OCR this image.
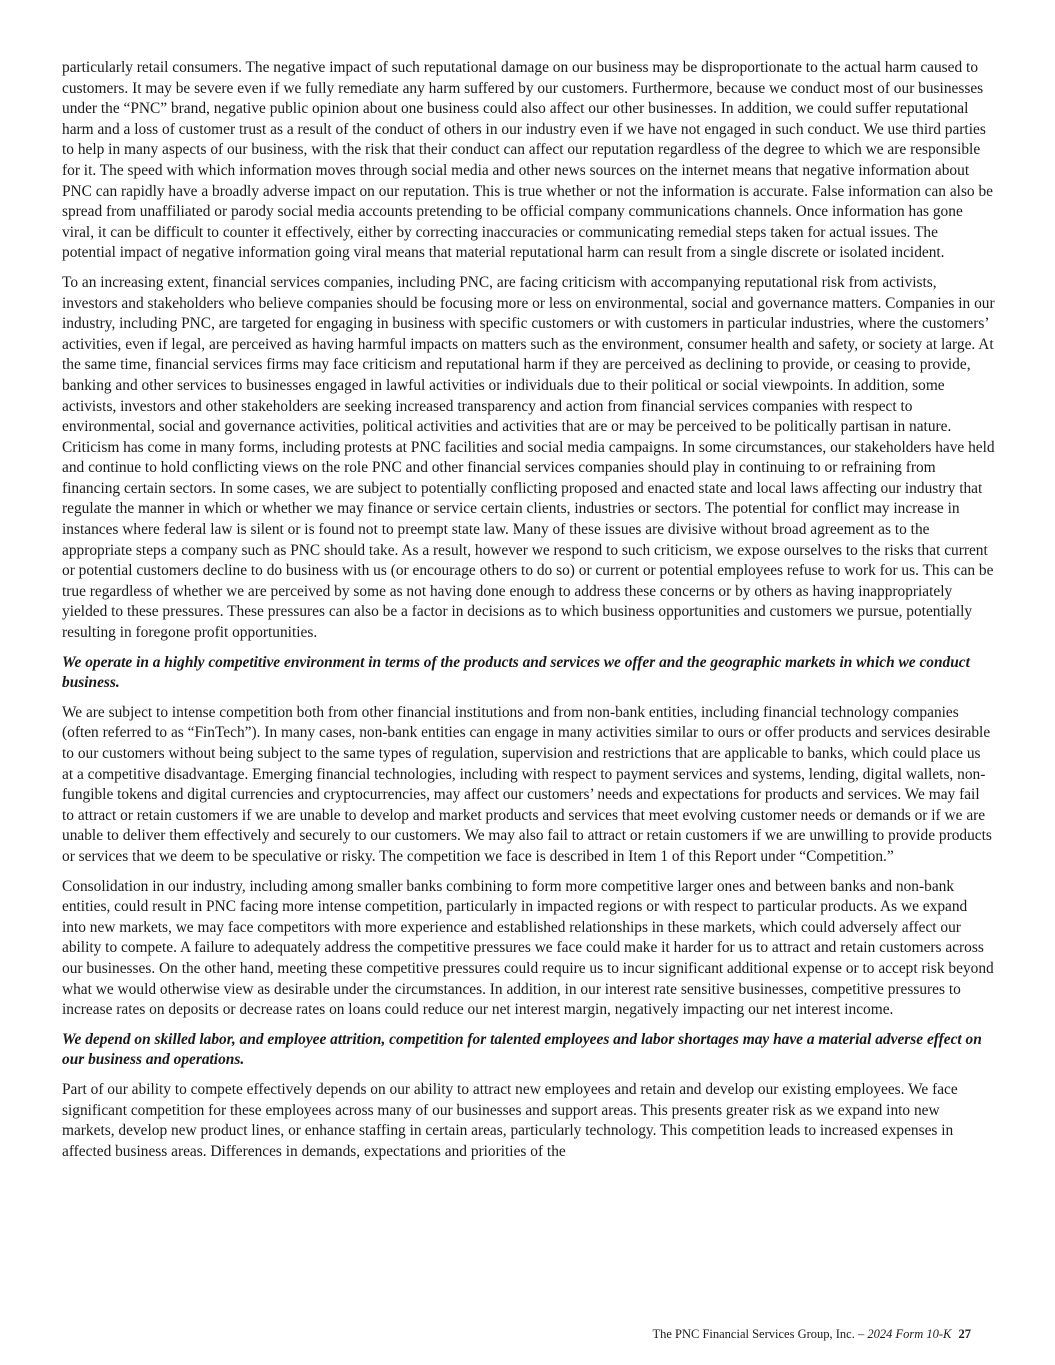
particularly retail consumers. The negative impact of such reputational damage on our business may be disproportionate to the actual harm caused to customers. It may be severe even if we fully remediate any harm suffered by our customers. Furthermore, because we conduct most of our businesses under the “PNC” brand, negative public opinion about one business could also affect our other businesses. In addition, we could suffer reputational harm and a loss of customer trust as a result of the conduct of others in our industry even if we have not engaged in such conduct. We use third parties to help in many aspects of our business, with the risk that their conduct can affect our reputation regardless of the degree to which we are responsible for it. The speed with which information moves through social media and other news sources on the internet means that negative information about PNC can rapidly have a broadly adverse impact on our reputation. This is true whether or not the information is accurate. False information can also be spread from unaffiliated or parody social media accounts pretending to be official company communications channels. Once information has gone viral, it can be difficult to counter it effectively, either by correcting inaccuracies or communicating remedial steps taken for actual issues. The potential impact of negative information going viral means that material reputational harm can result from a single discrete or isolated incident.

To an increasing extent, financial services companies, including PNC, are facing criticism with accompanying reputational risk from activists, investors and stakeholders who believe companies should be focusing more or less on environmental, social and governance matters. Companies in our industry, including PNC, are targeted for engaging in business with specific customers or with customers in particular industries, where the customers’ activities, even if legal, are perceived as having harmful impacts on matters such as the environment, consumer health and safety, or society at large. At the same time, financial services firms may face criticism and reputational harm if they are perceived as declining to provide, or ceasing to provide, banking and other services to businesses engaged in lawful activities or individuals due to their political or social viewpoints. In addition, some activists, investors and other stakeholders are seeking increased transparency and action from financial services companies with respect to environmental, social and governance activities, political activities and activities that are or may be perceived to be politically partisan in nature. Criticism has come in many forms, including protests at PNC facilities and social media campaigns. In some circumstances, our stakeholders have held and continue to hold conflicting views on the role PNC and other financial services companies should play in continuing to or refraining from financing certain sectors. In some cases, we are subject to potentially conflicting proposed and enacted state and local laws affecting our industry that regulate the manner in which or whether we may finance or service certain clients, industries or sectors. The potential for conflict may increase in instances where federal law is silent or is found not to preempt state law. Many of these issues are divisive without broad agreement as to the appropriate steps a company such as PNC should take. As a result, however we respond to such criticism, we expose ourselves to the risks that current or potential customers decline to do business with us (or encourage others to do so) or current or potential employees refuse to work for us. This can be true regardless of whether we are perceived by some as not having done enough to address these concerns or by others as having inappropriately yielded to these pressures. These pressures can also be a factor in decisions as to which business opportunities and customers we pursue, potentially resulting in foregone profit opportunities.

We operate in a highly competitive environment in terms of the products and services we offer and the geographic markets in which we conduct business.

We are subject to intense competition both from other financial institutions and from non-bank entities, including financial technology companies (often referred to as “FinTech”). In many cases, non-bank entities can engage in many activities similar to ours or offer products and services desirable to our customers without being subject to the same types of regulation, supervision and restrictions that are applicable to banks, which could place us at a competitive disadvantage. Emerging financial technologies, including with respect to payment services and systems, lending, digital wallets, non-fungible tokens and digital currencies and cryptocurrencies, may affect our customers’ needs and expectations for products and services. We may fail to attract or retain customers if we are unable to develop and market products and services that meet evolving customer needs or demands or if we are unable to deliver them effectively and securely to our customers. We may also fail to attract or retain customers if we are unwilling to provide products or services that we deem to be speculative or risky. The competition we face is described in Item 1 of this Report under “Competition.”

Consolidation in our industry, including among smaller banks combining to form more competitive larger ones and between banks and non-bank entities, could result in PNC facing more intense competition, particularly in impacted regions or with respect to particular products. As we expand into new markets, we may face competitors with more experience and established relationships in these markets, which could adversely affect our ability to compete. A failure to adequately address the competitive pressures we face could make it harder for us to attract and retain customers across our businesses. On the other hand, meeting these competitive pressures could require us to incur significant additional expense or to accept risk beyond what we would otherwise view as desirable under the circumstances. In addition, in our interest rate sensitive businesses, competitive pressures to increase rates on deposits or decrease rates on loans could reduce our net interest margin, negatively impacting our net interest income.

We depend on skilled labor, and employee attrition, competition for talented employees and labor shortages may have a material adverse effect on our business and operations.

Part of our ability to compete effectively depends on our ability to attract new employees and retain and develop our existing employees. We face significant competition for these employees across many of our businesses and support areas. This presents greater risk as we expand into new markets, develop new product lines, or enhance staffing in certain areas, particularly technology. This competition leads to increased expenses in affected business areas. Differences in demands, expectations and priorities of the

The PNC Financial Services Group, Inc. – 2024 Form 10-K 27
